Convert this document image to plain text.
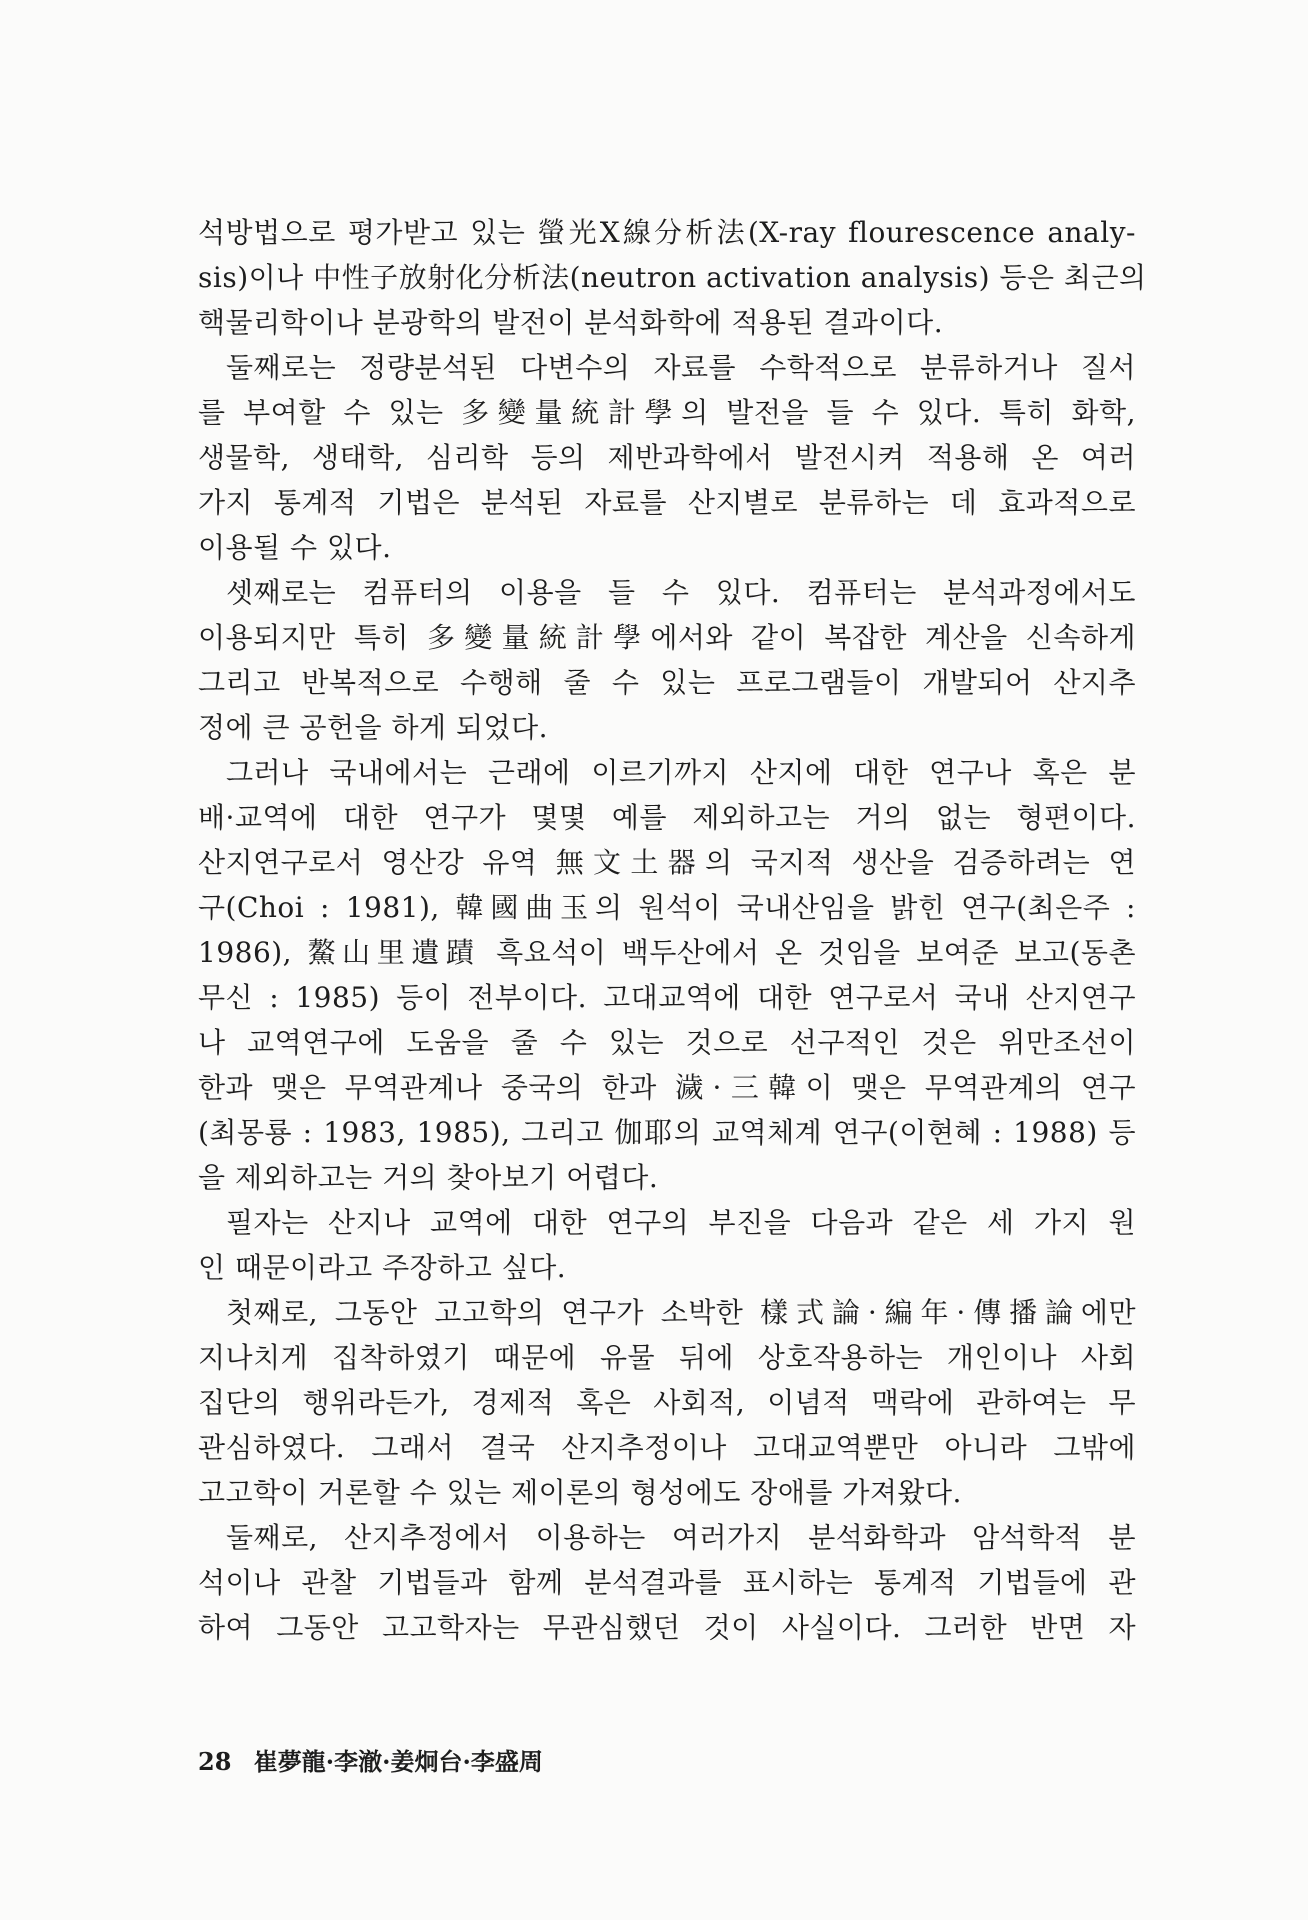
석방법으로 평가받고 있는 螢光X線分析法(X-ray flourescence analy-
sis)이나 中性子放射化分析法(neutron activation analysis) 등은 최근의
핵물리학이나 분광학의 발전이 분석화학에 적용된 결과이다.
둘째로는 정량분석된 다변수의 자료를 수학적으로 분류하거나 질서
를 부여할 수 있는 多變量統計學의 발전을 들 수 있다. 특히 화학,
생물학, 생태학, 심리학 등의 제반과학에서 발전시켜 적용해 온 여러
가지 통계적 기법은 분석된 자료를 산지별로 분류하는 데 효과적으로
이용될 수 있다.
셋째로는 컴퓨터의 이용을 들 수 있다. 컴퓨터는 분석과정에서도
이용되지만 특히 多變量統計學에서와 같이 복잡한 계산을 신속하게
그리고 반복적으로 수행해 줄 수 있는 프로그램들이 개발되어 산지추
정에 큰 공헌을 하게 되었다.
그러나 국내에서는 근래에 이르기까지 산지에 대한 연구나 혹은 분
배·교역에 대한 연구가 몇몇 예를 제외하고는 거의 없는 형편이다.
산지연구로서 영산강 유역 無文土器의 국지적 생산을 검증하려는 연
구(Choi : 1981), 韓國曲玉의 원석이 국내산임을 밝힌 연구(최은주 :
1986), 鰲山里遺蹟 흑요석이 백두산에서 온 것임을 보여준 보고(동촌
무신 : 1985) 등이 전부이다. 고대교역에 대한 연구로서 국내 산지연구
나 교역연구에 도움을 줄 수 있는 것으로 선구적인 것은 위만조선이
한과 맺은 무역관계나 중국의 한과 濊·三韓이 맺은 무역관계의 연구
(최몽룡 : 1983, 1985), 그리고 伽耶의 교역체계 연구(이현혜 : 1988) 등
을 제외하고는 거의 찾아보기 어렵다.
필자는 산지나 교역에 대한 연구의 부진을 다음과 같은 세 가지 원
인 때문이라고 주장하고 싶다.
첫째로, 그동안 고고학의 연구가 소박한 樣式論·編年·傳播論에만
지나치게 집착하였기 때문에 유물 뒤에 상호작용하는 개인이나 사회
집단의 행위라든가, 경제적 혹은 사회적, 이념적 맥락에 관하여는 무
관심하였다. 그래서 결국 산지추정이나 고대교역뿐만 아니라 그밖에
고고학이 거론할 수 있는 제이론의 형성에도 장애를 가져왔다.
둘째로, 산지추정에서 이용하는 여러가지 분석화학과 암석학적 분
석이나 관찰 기법들과 함께 분석결과를 표시하는 통계적 기법들에 관
하여 그동안 고고학자는 무관심했던 것이 사실이다. 그러한 반면 자
28 崔夢龍·李澈·姜炯台·李盛周
